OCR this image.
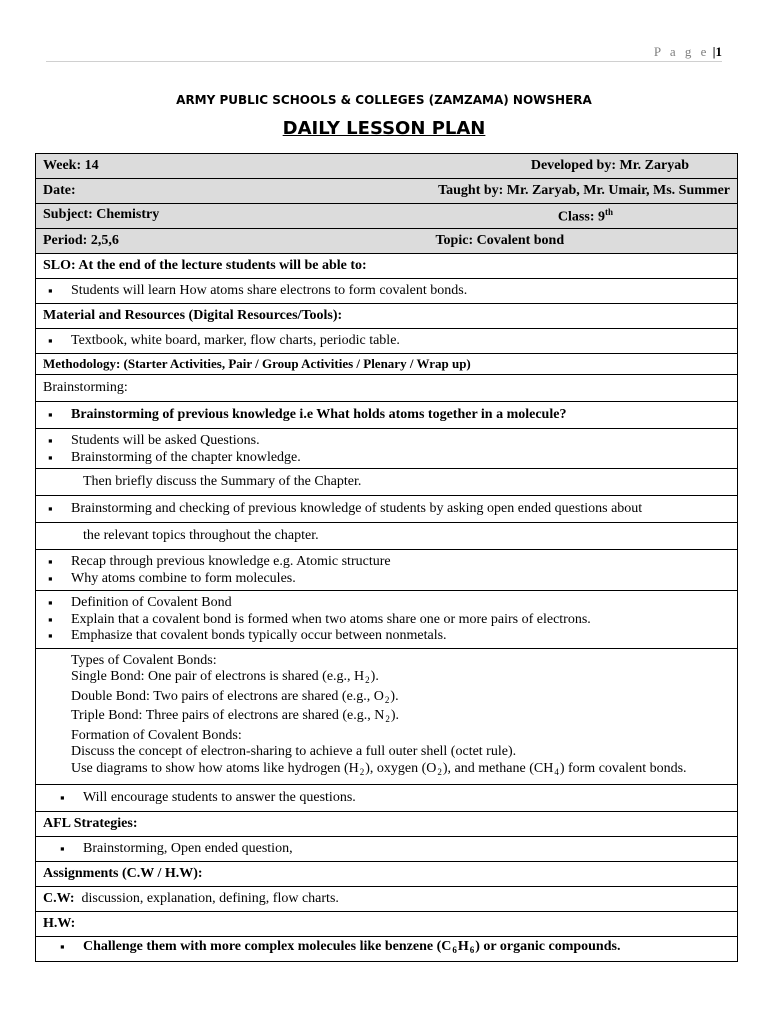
P a g e |1
ARMY PUBLIC SCHOOLS & COLLEGES (ZAMZAMA) NOWSHERA
DAILY LESSON PLAN
Week: 14	Developed by: Mr. Zaryab

Date:	Taught by: Mr. Zaryab, Mr. Umair, Ms. Summer

Subject: Chemistry	Class: 9th

Period: 2,5,6	Topic: Covalent bond

SLO: At the end of the lecture students will be able to:

▪ Students will learn How atoms share electrons to form covalent bonds.

Material and Resources (Digital Resources/Tools):

▪ Textbook, white board, marker, flow charts, periodic table.

Methodology: (Starter Activities, Pair / Group Activities / Plenary / Wrap up)
Brainstorming:

▪ Brainstorming of previous knowledge i.e What holds atoms together in a molecule?

▪ Students will be asked Questions.
▪ Brainstorming of the chapter knowledge.

Then briefly discuss the Summary of the Chapter.

▪ Brainstorming and checking of previous knowledge of students by asking open ended questions about

the relevant topics throughout the chapter.

▪ Recap through previous knowledge e.g. Atomic structure
▪ Why atoms combine to form molecules.

▪ Definition of Covalent Bond
▪ Explain that a covalent bond is formed when two atoms share one or more pairs of electrons.
▪ Emphasize that covalent bonds typically occur between nonmetals.

Types of Covalent Bonds:
Single Bond: One pair of electrons is shared (e.g., $H_2$).
Double Bond: Two pairs of electrons are shared (e.g., $O_2$).
Triple Bond: Three pairs of electrons are shared (e.g., $N_2$).
Formation of Covalent Bonds:
Discuss the concept of electron-sharing to achieve a full outer shell (octet rule).
Use diagrams to show how atoms like hydrogen $(H_2)$, oxygen $(O_2)$, and methane $(CH_4)$ form covalent bonds.

▪ Will encourage students to answer the questions.

AFL Strategies:

▪ Brainstorming, Open ended question,

Assignments (C.W / H.W):
C.W:  discussion, explanation, defining, flow charts.
H.W:

▪ Challenge them with more complex molecules like benzene $(C_6H_6)$ or organic compounds.
